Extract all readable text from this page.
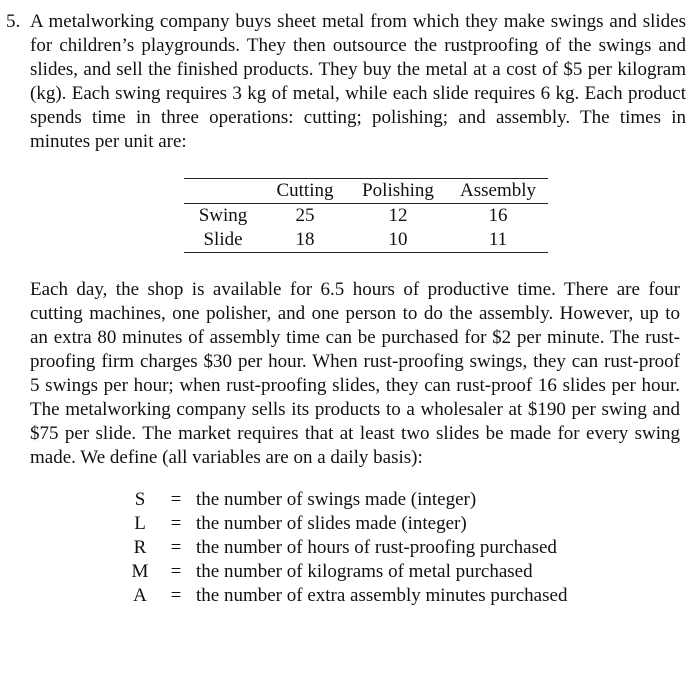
5. A metalworking company buys sheet metal from which they make swings and slides for children’s playgrounds. They then outsource the rustproofing of the swings and slides, and sell the finished products. They buy the metal at a cost of $5 per kilogram (kg). Each swing requires 3 kg of metal, while each slide requires 6 kg. Each product spends time in three operations: cutting; polishing; and assembly. The times in minutes per unit are:

	Cutting	Polishing	Assembly
Swing	25	12	16
Slide	18	10	11

Each day, the shop is available for 6.5 hours of productive time. There are four cutting machines, one polisher, and one person to do the assembly. However, up to an extra 80 minutes of assembly time can be purchased for $2 per minute. The rust-proofing firm charges $30 per hour. When rust-proofing swings, they can rust-proof 5 swings per hour; when rust-proofing slides, they can rust-proof 16 slides per hour. The metalworking company sells its products to a wholesaler at $190 per swing and $75 per slide. The market requires that at least two slides be made for every swing made. We define (all variables are on a daily basis):

S	= the number of swings made (integer)
L	= the number of slides made (integer)
R	= the number of hours of rust-proofing purchased
M	= the number of kilograms of metal purchased
A	= the number of extra assembly minutes purchased
